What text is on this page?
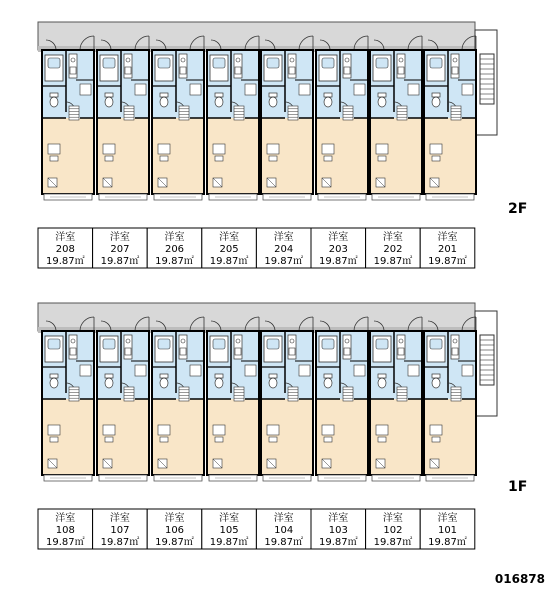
洋室
208
19.87㎡
洋室
207
19.87㎡
洋室
206
19.87㎡
洋室
205
19.87㎡
洋室
204
19.87㎡
洋室
203
19.87㎡
洋室
202
19.87㎡
洋室
201
19.87㎡
洋室
108
19.87㎡
洋室
107
19.87㎡
洋室
106
19.87㎡
洋室
105
19.87㎡
洋室
104
19.87㎡
洋室
103
19.87㎡
洋室
102
19.87㎡
洋室
101
19.87㎡
2F
1F
016878
